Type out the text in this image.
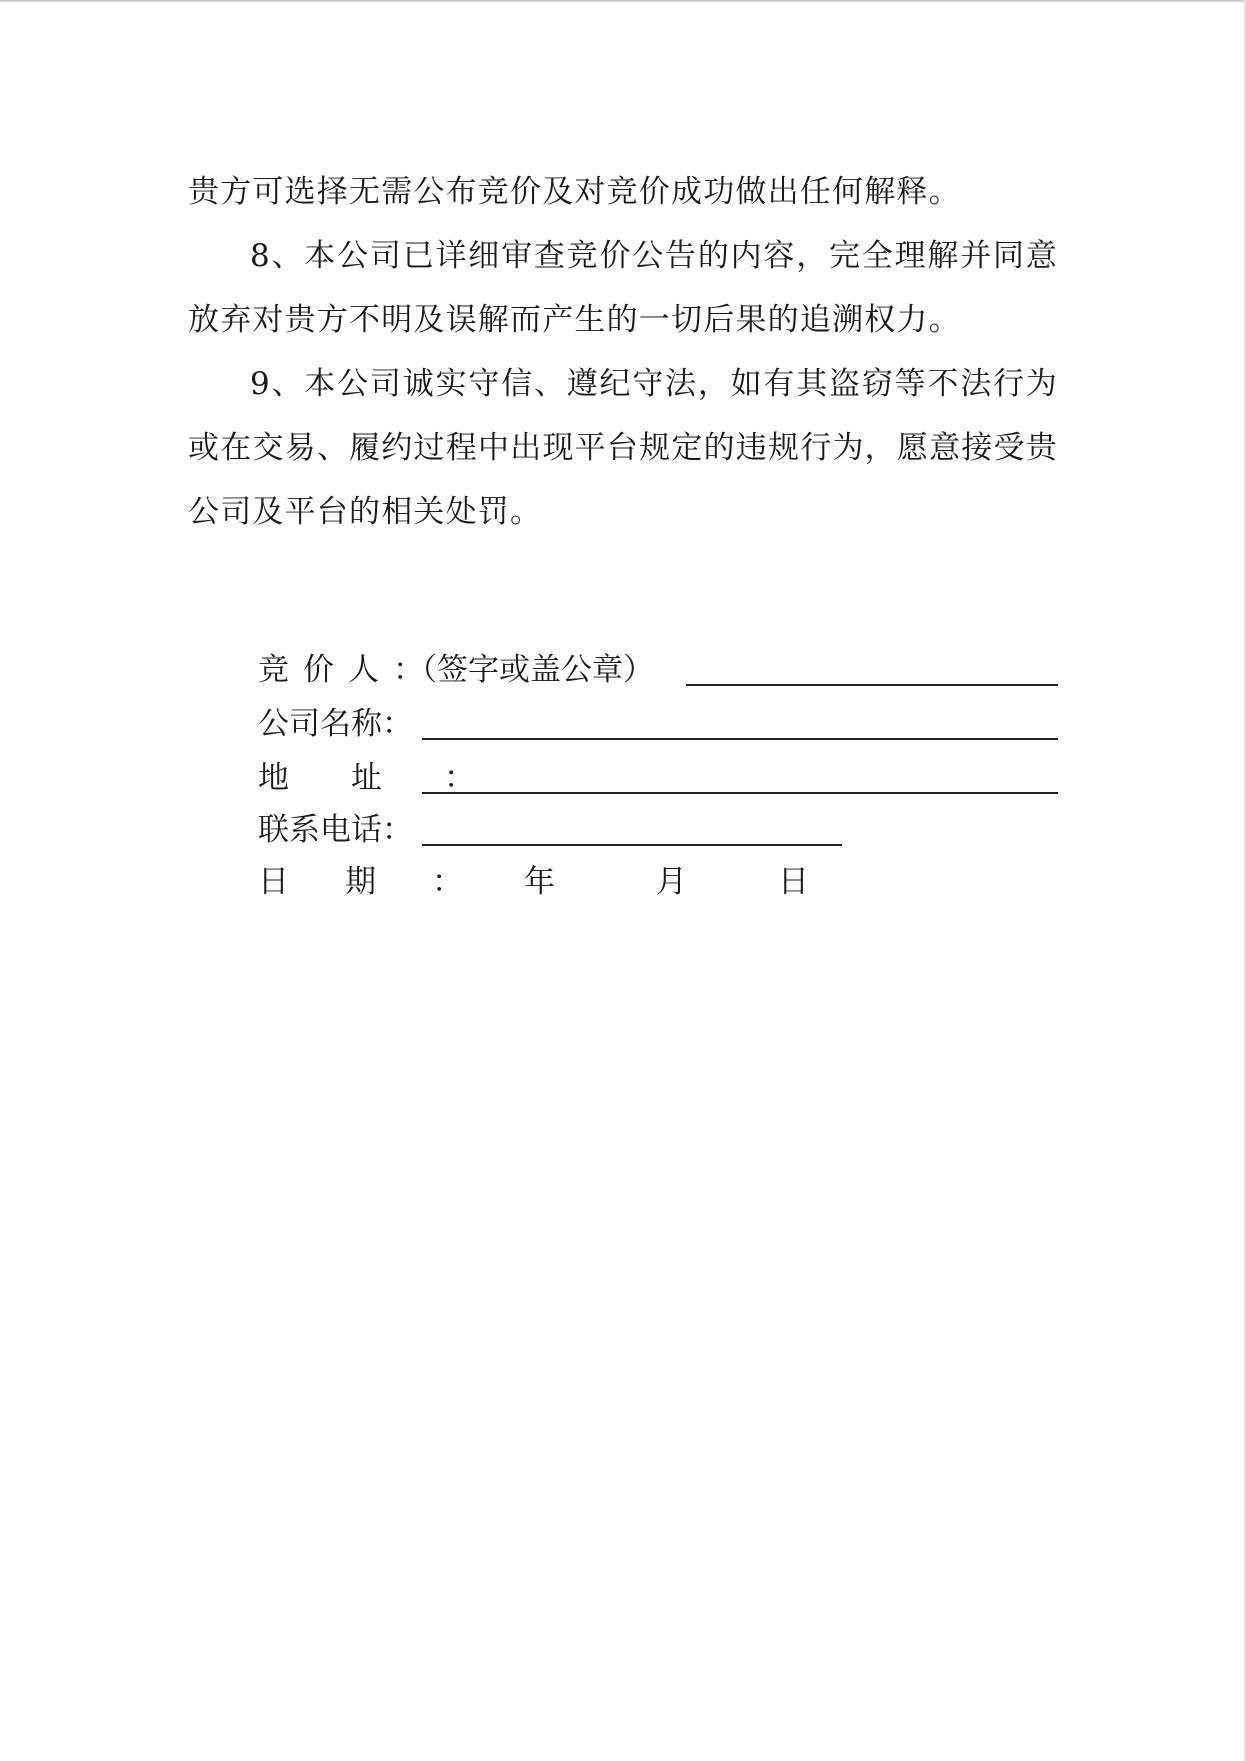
贵方可选择无需公布竞价及对竞价成功做出任何解释。

8、本公司已详细审查竞价公告的内容，完全理解并同意放弃对贵方不明及误解而产生的一切后果的追溯权力。

9、本公司诚实守信、遵纪守法，如有其盗窃等不法行为或在交易、履约过程中出现平台规定的违规行为，愿意接受贵公司及平台的相关处罚。

竞价人：
（签字或盖公章）
公司名称：
地址：
联系电话：
日期： 年	月	日
